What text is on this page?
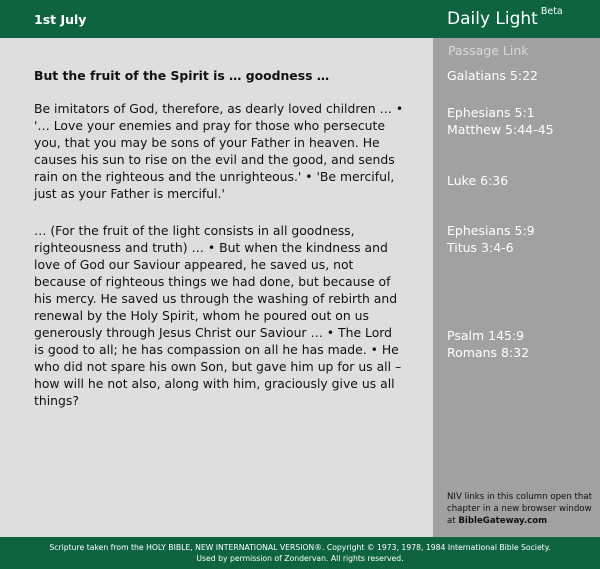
1st July	Daily Light $^{Beta}$
But the fruit of the Spirit is … goodness …
Be imitators of God, therefore, as dearly loved children … • '… Love your enemies and pray for those who persecute you, that you may be sons of your Father in heaven. He causes his sun to rise on the evil and the good, and sends rain on the righteous and the unrighteous.' • 'Be merciful, just as your Father is merciful.'
… (For the fruit of the light consists in all goodness, righteousness and truth) … • But when the kindness and love of God our Saviour appeared, he saved us, not because of righteous things we had done, but because of his mercy. He saved us through the washing of rebirth and renewal by the Holy Spirit, whom he poured out on us generously through Jesus Christ our Saviour … • The Lord is good to all; he has compassion on all he has made. • He who did not spare his own Son, but gave him up for us all – how will he not also, along with him, graciously give us all things?
Passage Link
Galatians 5:22
Ephesians 5:1
Matthew 5:44-45
Luke 6:36
Ephesians 5:9
Titus 3:4-6
Psalm 145:9
Romans 8:32
NIV links in this column open that chapter in a new browser window at BibleGateway.com
Scripture taken from the HOLY BIBLE, NEW INTERNATIONAL VERSION®. Copyright © 1973, 1978, 1984 International Bible Society.
Used by permission of Zondervan. All rights reserved.
